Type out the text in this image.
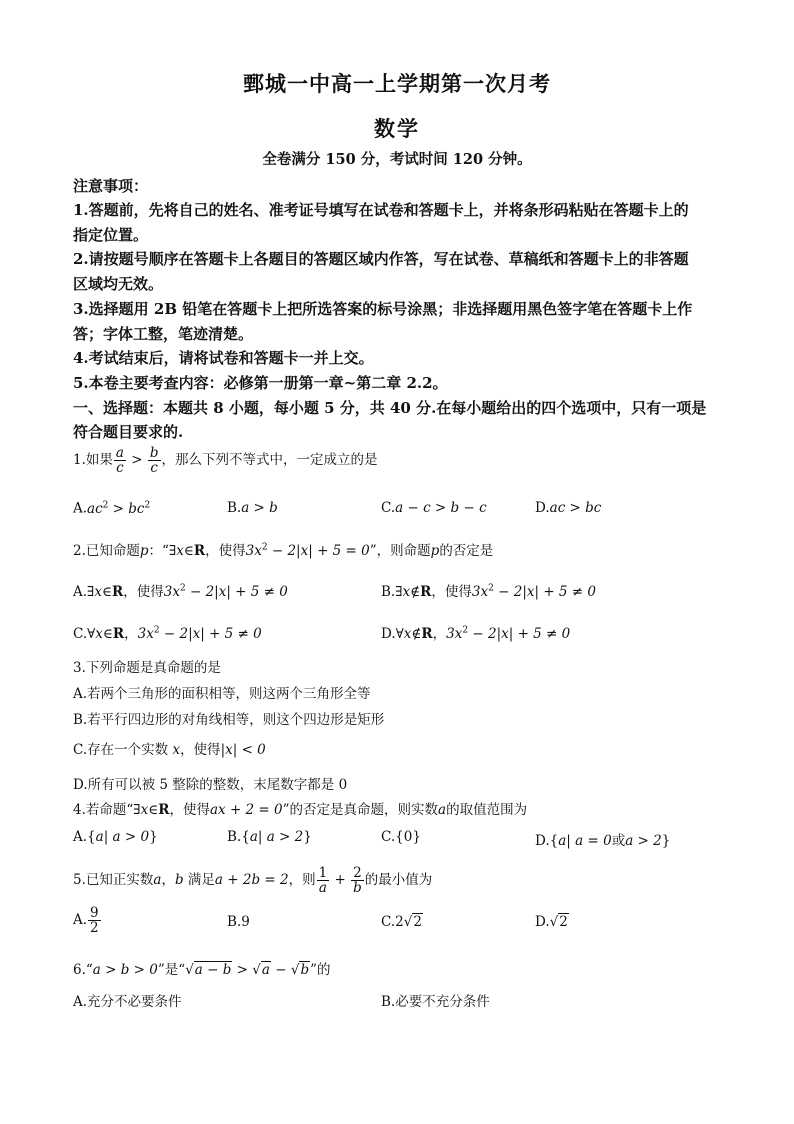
鄄城一中高一上学期第一次月考
数学
全卷满分 150 分，考试时间 120 分钟。
注意事项：
1.答题前，先将自己的姓名、准考证号填写在试卷和答题卡上，并将条形码粘贴在答题卡上的
指定位置。
2.请按题号顺序在答题卡上各题目的答题区域内作答，写在试卷、草稿纸和答题卡上的非答题
区域均无效。
3.选择题用 2B 铅笔在答题卡上把所选答案的标号涂黑；非选择题用黑色签字笔在答题卡上作
答；字体工整，笔迹清楚。
4.考试结束后，请将试卷和答题卡一并上交。
5.本卷主要考查内容：必修第一册第一章~第二章 2.2。
一、选择题：本题共 8 小题，每小题 5 分，共 40 分.在每小题给出的四个选项中，只有一项是
符合题目要求的.
1.如果 $\frac{a}{c} > \frac{b}{c}$ ，那么下列不等式中，一定成立的是
$A.ac^2 > bc^2$	B.a > b	C.a − c > b − c	D.ac > bc
2.已知命题p：“∃x∈R，使得$3x^2 - 2|x| + 5 = 0$”，则命题p的否定是
A.∃x∈R，使得$3x^2 - 2|x| + 5 \ne 0$	B.∃x∉R，使得$3x^2 - 2|x| + 5 \ne 0$
C.∀x∈R，$3x^2 - 2|x| + 5 \ne 0$	D.∀x∉R，$3x^2 - 2|x| + 5 \ne 0$
3.下列命题是真命题的是
A.若两个三角形的面积相等，则这两个三角形全等
B.若平行四边形的对角线相等，则这个四边形是矩形
C.存在一个实数 x，使得|x| < 0
D.所有可以被 5 整除的整数，末尾数字都是 0
4.若命题“∃x∈R，使得ax + 2 = 0”的否定是真命题，则实数a的取值范围为
A.{a| a > 0}	B.{a| a > 2}	C.{0}	D.{a| a = 0或a > 2}
5.已知正实数a，b 满足a + 2b = 2，则 $\frac{1}{a} + \frac{2}{b}$ 的最小值为
A. $\frac{9}{2}$	B.9	C.2√2	D.√2
6.“a > b > 0”是“√a − b > √a − √b”的
A.充分不必要条件	B.必要不充分条件
